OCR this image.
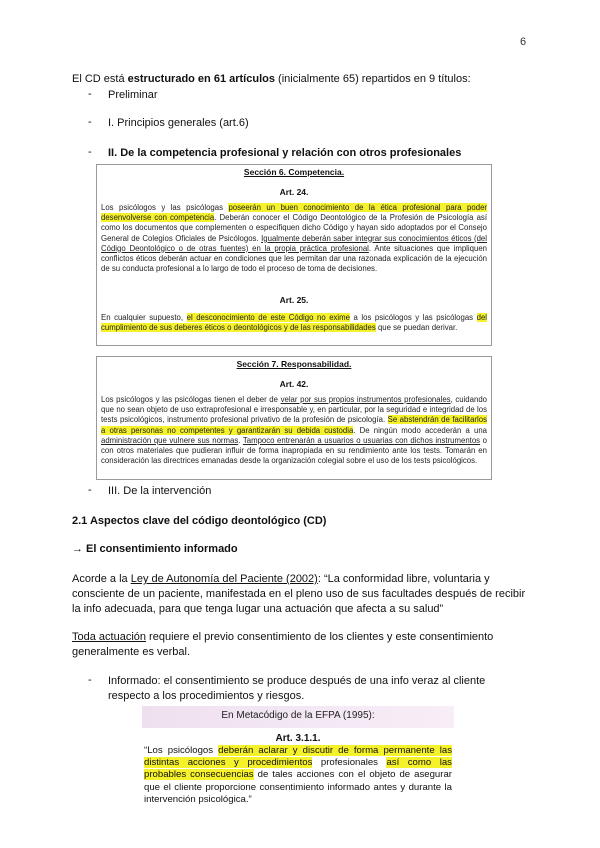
6
El CD está estructurado en 61 artículos (inicialmente 65) repartidos en 9 títulos:
- Preliminar
- I. Principios generales (art.6)
- II. De la competencia profesional y relación con otros profesionales
Sección 6. Competencia.
Art. 24.
Los psicólogos y las psicólogas poseerán un buen conocimiento de la ética profesional para poder desenvolverse con competencia. Deberán conocer el Código Deontológico de la Profesión de Psicología así como los documentos que complementen o especifiquen dicho Código y hayan sido adoptados por el Consejo General de Colegios Oficiales de Psicólogos. Igualmente deberán saber integrar sus conocimientos éticos (del Código Deontológico o de otras fuentes) en la propia práctica profesional. Ante situaciones que impliquen conflictos éticos deberán actuar en condiciones que les permitan dar una razonada explicación de la ejecución de su conducta profesional a lo largo de todo el proceso de toma de decisiones.
Art. 25.
En cualquier supuesto, el desconocimiento de este Código no exime a los psicólogos y las psicólogas del cumplimiento de sus deberes éticos o deontológicos y de las responsabilidades que se puedan derivar.
Sección 7. Responsabilidad.
Art. 42.
Los psicólogos y las psicólogas tienen el deber de velar por sus propios instrumentos profesionales, cuidando que no sean objeto de uso extraprofesional e irresponsable y, en particular, por la seguridad e integridad de los tests psicológicos, instrumento profesional privativo de la profesión de psicología. Se abstendrán de facilitarlos a otras personas no competentes y garantizarán su debida custodia. De ningún modo accederán a una administración que vulnere sus normas. Tampoco entrenarán a usuarios o usuarias con dichos instrumentos o con otros materiales que pudieran influir de forma inapropiada en su rendimiento ante los tests. Tomarán en consideración las directrices emanadas desde la organización colegial sobre el uso de los tests psicológicos.
- III. De la intervención
2.1 Aspectos clave del código deontológico (CD)
→ El consentimiento informado
Acorde a la Ley de Autonomía del Paciente (2002): “La conformidad libre, voluntaria y consciente de un paciente, manifestada en el pleno uso de sus facultades después de recibir la info adecuada, para que tenga lugar una actuación que afecta a su salud”
Toda actuación requiere el previo consentimiento de los clientes y este consentimiento generalmente es verbal.
- Informado: el consentimiento se produce después de una info veraz al cliente respecto a los procedimientos y riesgos.
En Metacódigo de la EFPA (1995):
Art. 3.1.1.
“Los psicólogos deberán aclarar y discutir de forma permanente las distintas acciones y procedimientos profesionales así como las probables consecuencias de tales acciones con el objeto de asegurar que el cliente proporcione consentimiento informado antes y durante la intervención psicológica.”
